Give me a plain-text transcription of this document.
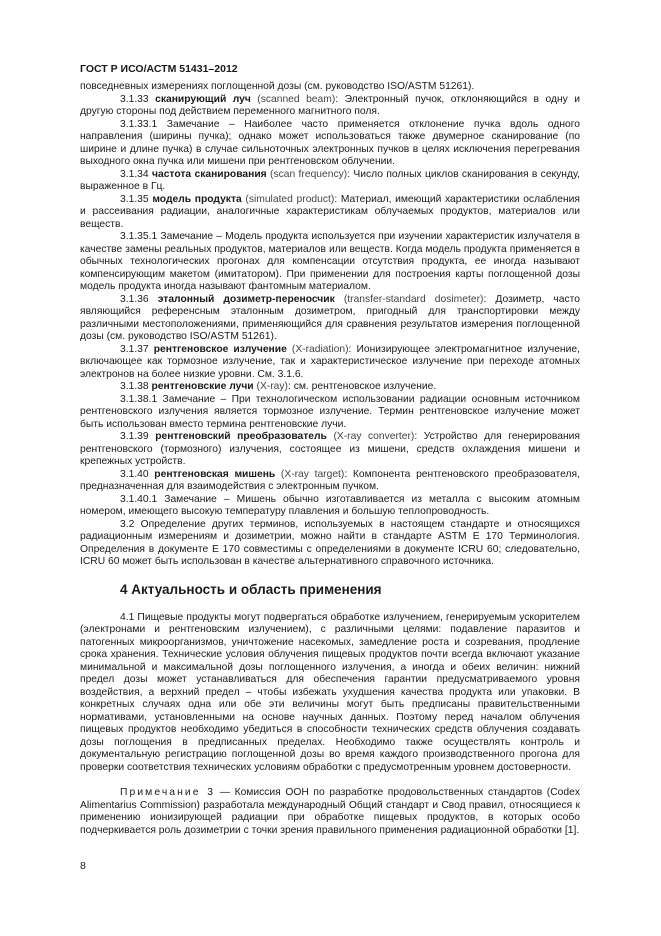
ГОСТ Р ИСО/АСТМ 51431–2012

повседневных измерениях поглощенной дозы (см. руководство ISO/ASTM 51261).

3.1.33 сканирующий луч (scanned beam): Электронный пучок, отклоняющийся в одну и другую стороны под действием переменного магнитного поля.

3.1.33.1 Замечание – Наиболее часто применяется отклонение пучка вдоль одного направления (ширины пучка); однако может использоваться также двумерное сканирование (по ширине и длине пучка) в случае сильноточных электронных пучков в целях исключения перегревания выходного окна пучка или мишени при рентгеновском облучении.

3.1.34 частота сканирования (scan frequency): Число полных циклов сканирования в секунду, выраженное в Гц.

3.1.35 модель продукта (simulated product): Материал, имеющий характеристики ослабления и рассеивания радиации, аналогичные характеристикам облучаемых продуктов, материалов или веществ.

3.1.35.1 Замечание – Модель продукта используется при изучении характеристик излучателя в качестве замены реальных продуктов, материалов или веществ. Когда модель продукта применяется в обычных технологических прогонах для компенсации отсутствия продукта, ее иногда называют компенсирующим макетом (имитатором). При применении для построения карты поглощенной дозы модель продукта иногда называют фантомным материалом.

3.1.36 эталонный дозиметр-переносчик (transfer-standard dosimeter): Дозиметр, часто являющийся референсным эталонным дозиметром, пригодный для транспортировки между различными местоположениями, применяющийся для сравнения результатов измерения поглощенной дозы (см. руководство ISO/ASTM 51261).

3.1.37 рентгеновское излучение (X-radiation): Ионизирующее электромагнитное излучение, включающее как тормозное излучение, так и характеристическое излучение при переходе атомных электронов на более низкие уровни. См. 3.1.6.

3.1.38 рентгеновские лучи (X-ray): см. рентгеновское излучение.

3.1.38.1 Замечание – При технологическом использовании радиации основным источником рентгеновского излучения является тормозное излучение. Термин рентгеновское излучение может быть использован вместо термина рентгеновские лучи.

3.1.39 рентгеновский преобразователь (X-ray converter): Устройство для генерирования рентгеновского (тормозного) излучения, состоящее из мишени, средств охлаждения мишени и крепежных устройств.

3.1.40 рентгеновская мишень (X-ray target): Компонента рентгеновского преобразователя, предназначенная для взаимодействия с электронным пучком.

3.1.40.1 Замечание – Мишень обычно изготавливается из металла с высоким атомным номером, имеющего высокую температуру плавления и большую теплопроводность.

3.2 Определение других терминов, используемых в настоящем стандарте и относящихся радиационным измерениям и дозиметрии, можно найти в стандарте ASTM E 170 Терминология. Определения в документе E 170 совместимы с определениями в документе ICRU 60; следовательно, ICRU 60 может быть использован в качестве альтернативного справочного источника.

4 Актуальность и область применения

4.1 Пищевые продукты могут подвергаться обработке излучением, генерируемым ускорителем (электронами и рентгеновским излучением), с различными целями: подавление паразитов и патогенных микроорганизмов, уничтожение насекомых, замедление роста и созревания, продление срока хранения. Технические условия облучения пищевых продуктов почти всегда включают указание минимальной и максимальной дозы поглощенного излучения, а иногда и обеих величин: нижний предел дозы может устанавливаться для обеспечения гарантии предусматриваемого уровня воздействия, а верхний предел – чтобы избежать ухудшения качества продукта или упаковки. В конкретных случаях одна или обе эти величины могут быть предписаны правительственными нормативами, установленными на основе научных данных. Поэтому перед началом облучения пищевых продуктов необходимо убедиться в способности технических средств облучения создавать дозы поглощения в предписанных пределах. Необходимо также осуществлять контроль и документальную регистрацию поглощенной дозы во время каждого производственного прогона для проверки соответствия технических условиям обработки с предусмотренным уровнем достоверности.

Примечание 3 — Комиссия ООН по разработке продовольственных стандартов (Codex Alimentarius Commission) разработала международный Общий стандарт и Свод правил, относящиеся к применению ионизирующей радиации при обработке пищевых продуктов, в которых особо подчеркивается роль дозиметрии с точки зрения правильного применения радиационной обработки [1].

8
